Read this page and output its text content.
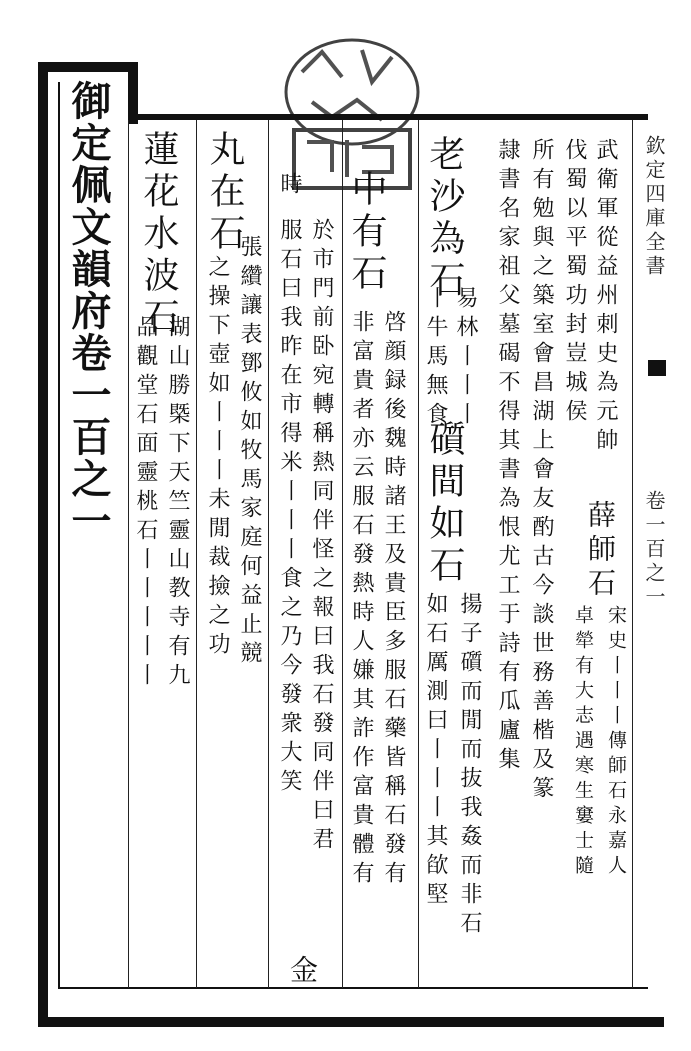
欽定四庫全書
卷一百之一
御定佩文韻府卷一百之一	武衛軍從益州刺史為元帥
伐蜀以平蜀功封豈城侯
所有勉與之築室會昌湖上會友酌古今談世務善楷及篆
隷書名家祖父墓碣不得其書為恨尤工于詩有瓜廬集 薛師石
宋史丨丨丨傳師石永嘉人
卓犖有大志遇寒生窶士隨
老沙為石
易林丨丨丨
丨牛馬無食
礩間如石
揚子礩而閒而抜我姦而非石
如石厲測曰丨丨丨其欿堅
中有石
啓顔録後魏時諸王及貴臣多服石藥皆稱石發有
非富貴者亦云服石發熱時人嫌其詐作富貴體有
於市門前卧宛轉稱熱同伴怪之報曰我石發同伴曰君
服石曰我昨在市得米丨丨丨食之乃今發衆大笑
時
金
丸在石
張纘讓表鄧攸如牧馬家庭何益止競
之操下壺如丨丨丨未閒裁撿之功
蓮花水波石
湖山勝槩下天竺靈山教寺有九
品觀堂石面靈桃石丨丨丨丨丨
